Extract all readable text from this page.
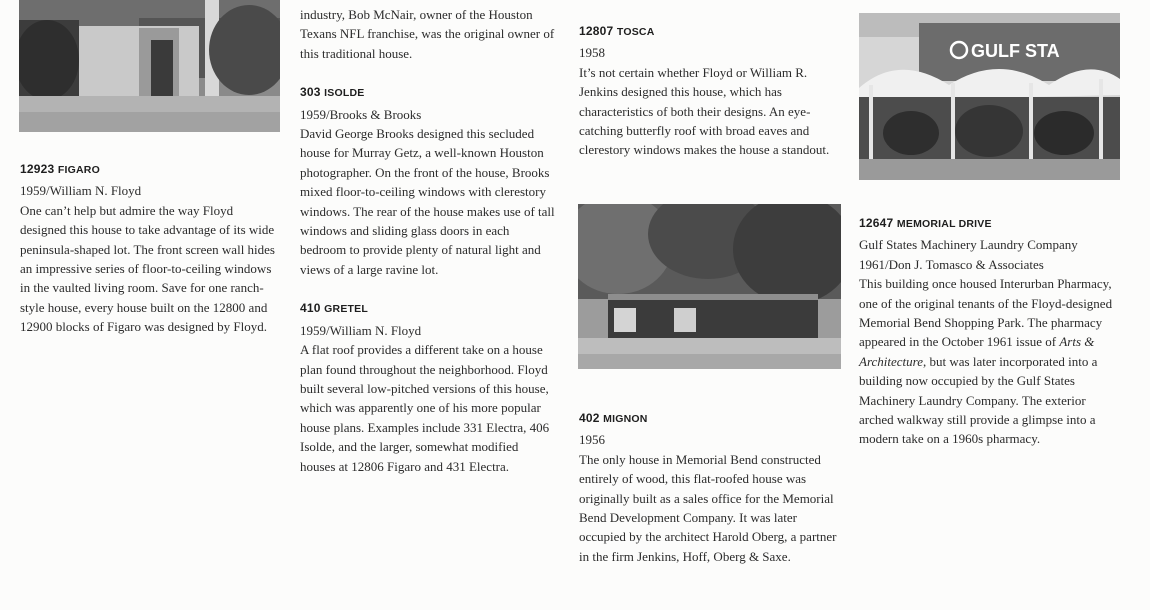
GULF STA
12923 FIGARO

1959/William N. Floyd

One can’t help but admire the way Floyd designed this house to take advantage of its wide peninsula-shaped lot. The front screen wall hides an impressive series of floor-to-ceiling windows in the vaulted living room. Save for one ranch-style house, every house built on the 12800 and 12900 blocks of Figaro was designed by Floyd.

industry, Bob McNair, owner of the Houston Texans NFL franchise, was the original owner of this traditional house.

303 ISOLDE

1959/Brooks & Brooks

David George Brooks designed this secluded house for Murray Getz, a well-known Houston photographer. On the front of the house, Brooks mixed floor-to-ceiling windows with clerestory windows. The rear of the house makes use of tall windows and sliding glass doors in each bedroom to provide plenty of natural light and views of a large ravine lot.

410 GRETEL

1959/William N. Floyd

A flat roof provides a different take on a house plan found throughout the neighborhood. Floyd built several low-pitched versions of this house, which was apparently one of his more popular house plans. Examples include 331 Electra, 406 Isolde, and the larger, somewhat modified houses at 12806 Figaro and 431 Electra.

12807 TOSCA

1958

It’s not certain whether Floyd or William R. Jenkins designed this house, which has characteristics of both their designs. An eye-catching butterfly roof with broad eaves and clerestory windows makes the house a standout.

402 MIGNON

1956

The only house in Memorial Bend constructed entirely of wood, this flat-roofed house was originally built as a sales office for the Memorial Bend Development Company. It was later occupied by the architect Harold Oberg, a partner in the firm Jenkins, Hoff, Oberg & Saxe.

12647 MEMORIAL DRIVE

Gulf States Machinery Laundry Company

1961/Don J. Tomasco & Associates

This building once housed Interurban Pharmacy, one of the original tenants of the Floyd-designed Memorial Bend Shopping Park. The pharmacy appeared in the October 1961 issue of Arts & Architecture, but was later incorporated into a building now occupied by the Gulf States Machinery Laundry Company. The exterior arched walkway still provide a glimpse into a modern take on a 1960s pharmacy.
